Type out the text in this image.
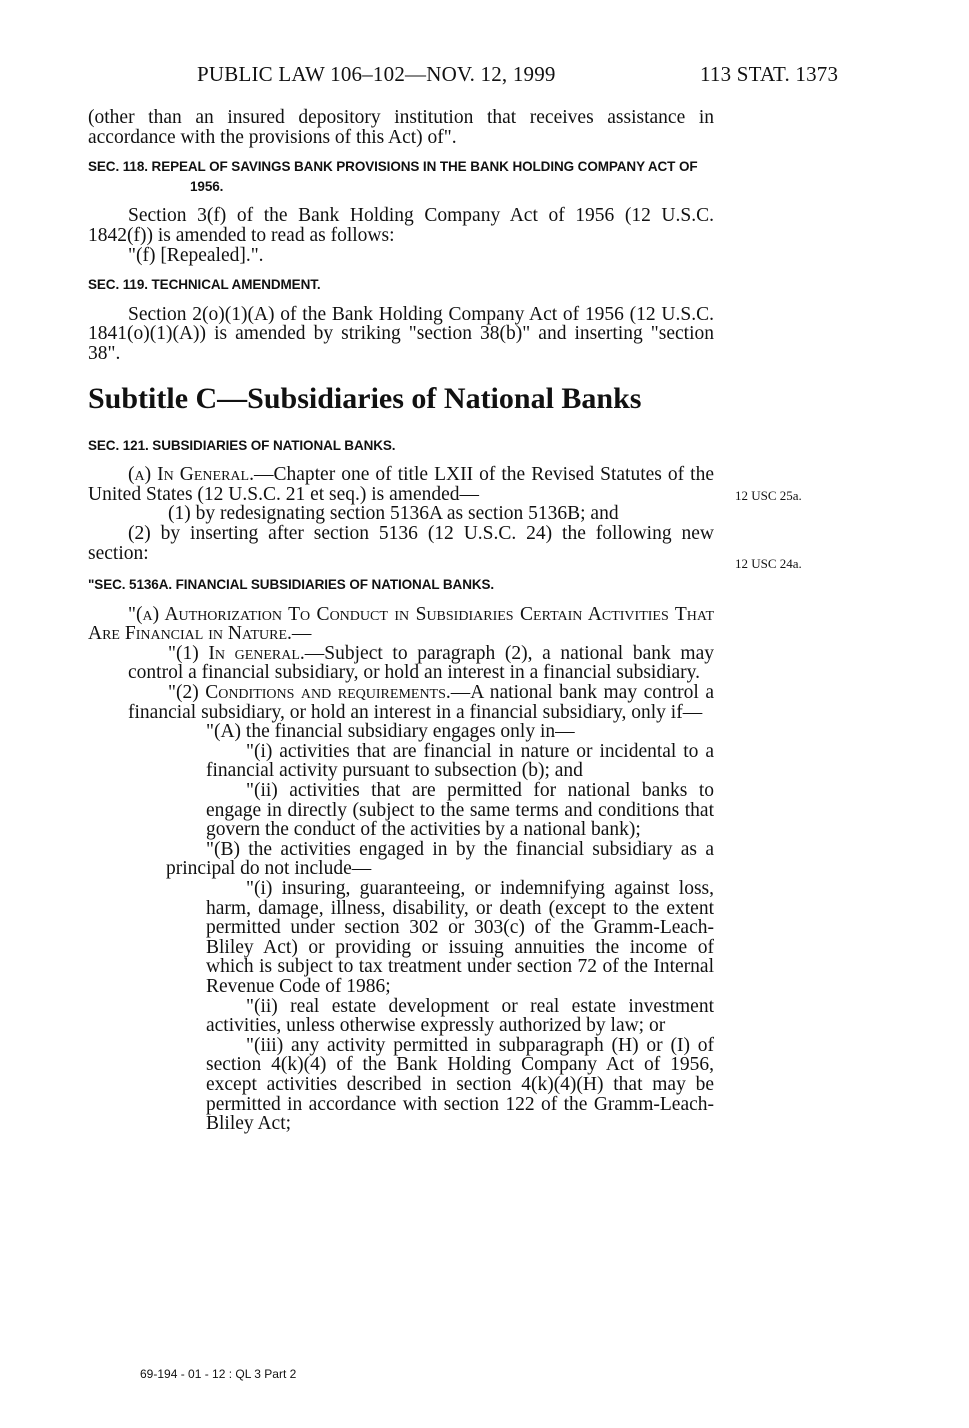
PUBLIC LAW 106–102—NOV. 12, 1999	113 STAT. 1373

(other than an insured depository institution that receives assistance in accordance with the provisions of this Act) of".

SEC. 118. REPEAL OF SAVINGS BANK PROVISIONS IN THE BANK HOLDING COMPANY ACT OF 1956.

Section 3(f) of the Bank Holding Company Act of 1956 (12 U.S.C. 1842(f)) is amended to read as follows:

"(f) [Repealed].".

SEC. 119. TECHNICAL AMENDMENT.

Section 2(o)(1)(A) of the Bank Holding Company Act of 1956 (12 U.S.C. 1841(o)(1)(A)) is amended by striking "section 38(b)" and inserting "section 38".

Subtitle C—Subsidiaries of National Banks

SEC. 121. SUBSIDIARIES OF NATIONAL BANKS.

(a) In General.—Chapter one of title LXII of the Revised Statutes of the United States (12 U.S.C. 21 et seq.) is amended—

(1) by redesignating section 5136A as section 5136B; and

(2) by inserting after section 5136 (12 U.S.C. 24) the following new section:

"SEC. 5136A. FINANCIAL SUBSIDIARIES OF NATIONAL BANKS.

"(a) Authorization To Conduct in Subsidiaries Certain Activities That Are Financial in Nature.—

"(1) In general.—Subject to paragraph (2), a national bank may control a financial subsidiary, or hold an interest in a financial subsidiary.

"(2) Conditions and requirements.—A national bank may control a financial subsidiary, or hold an interest in a financial subsidiary, only if—

"(A) the financial subsidiary engages only in—

"(i) activities that are financial in nature or incidental to a financial activity pursuant to subsection (b); and

"(ii) activities that are permitted for national banks to engage in directly (subject to the same terms and conditions that govern the conduct of the activities by a national bank);

"(B) the activities engaged in by the financial subsidiary as a principal do not include—

"(i) insuring, guaranteeing, or indemnifying against loss, harm, damage, illness, disability, or death (except to the extent permitted under section 302 or 303(c) of the Gramm-Leach-Bliley Act) or providing or issuing annuities the income of which is subject to tax treatment under section 72 of the Internal Revenue Code of 1986;

"(ii) real estate development or real estate investment activities, unless otherwise expressly authorized by law; or

"(iii) any activity permitted in subparagraph (H) or (I) of section 4(k)(4) of the Bank Holding Company Act of 1956, except activities described in section 4(k)(4)(H) that may be permitted in accordance with section 122 of the Gramm-Leach-Bliley Act;

12 USC 25a.
12 USC 24a.
69-194 - 01 - 12 : QL 3 Part 2
